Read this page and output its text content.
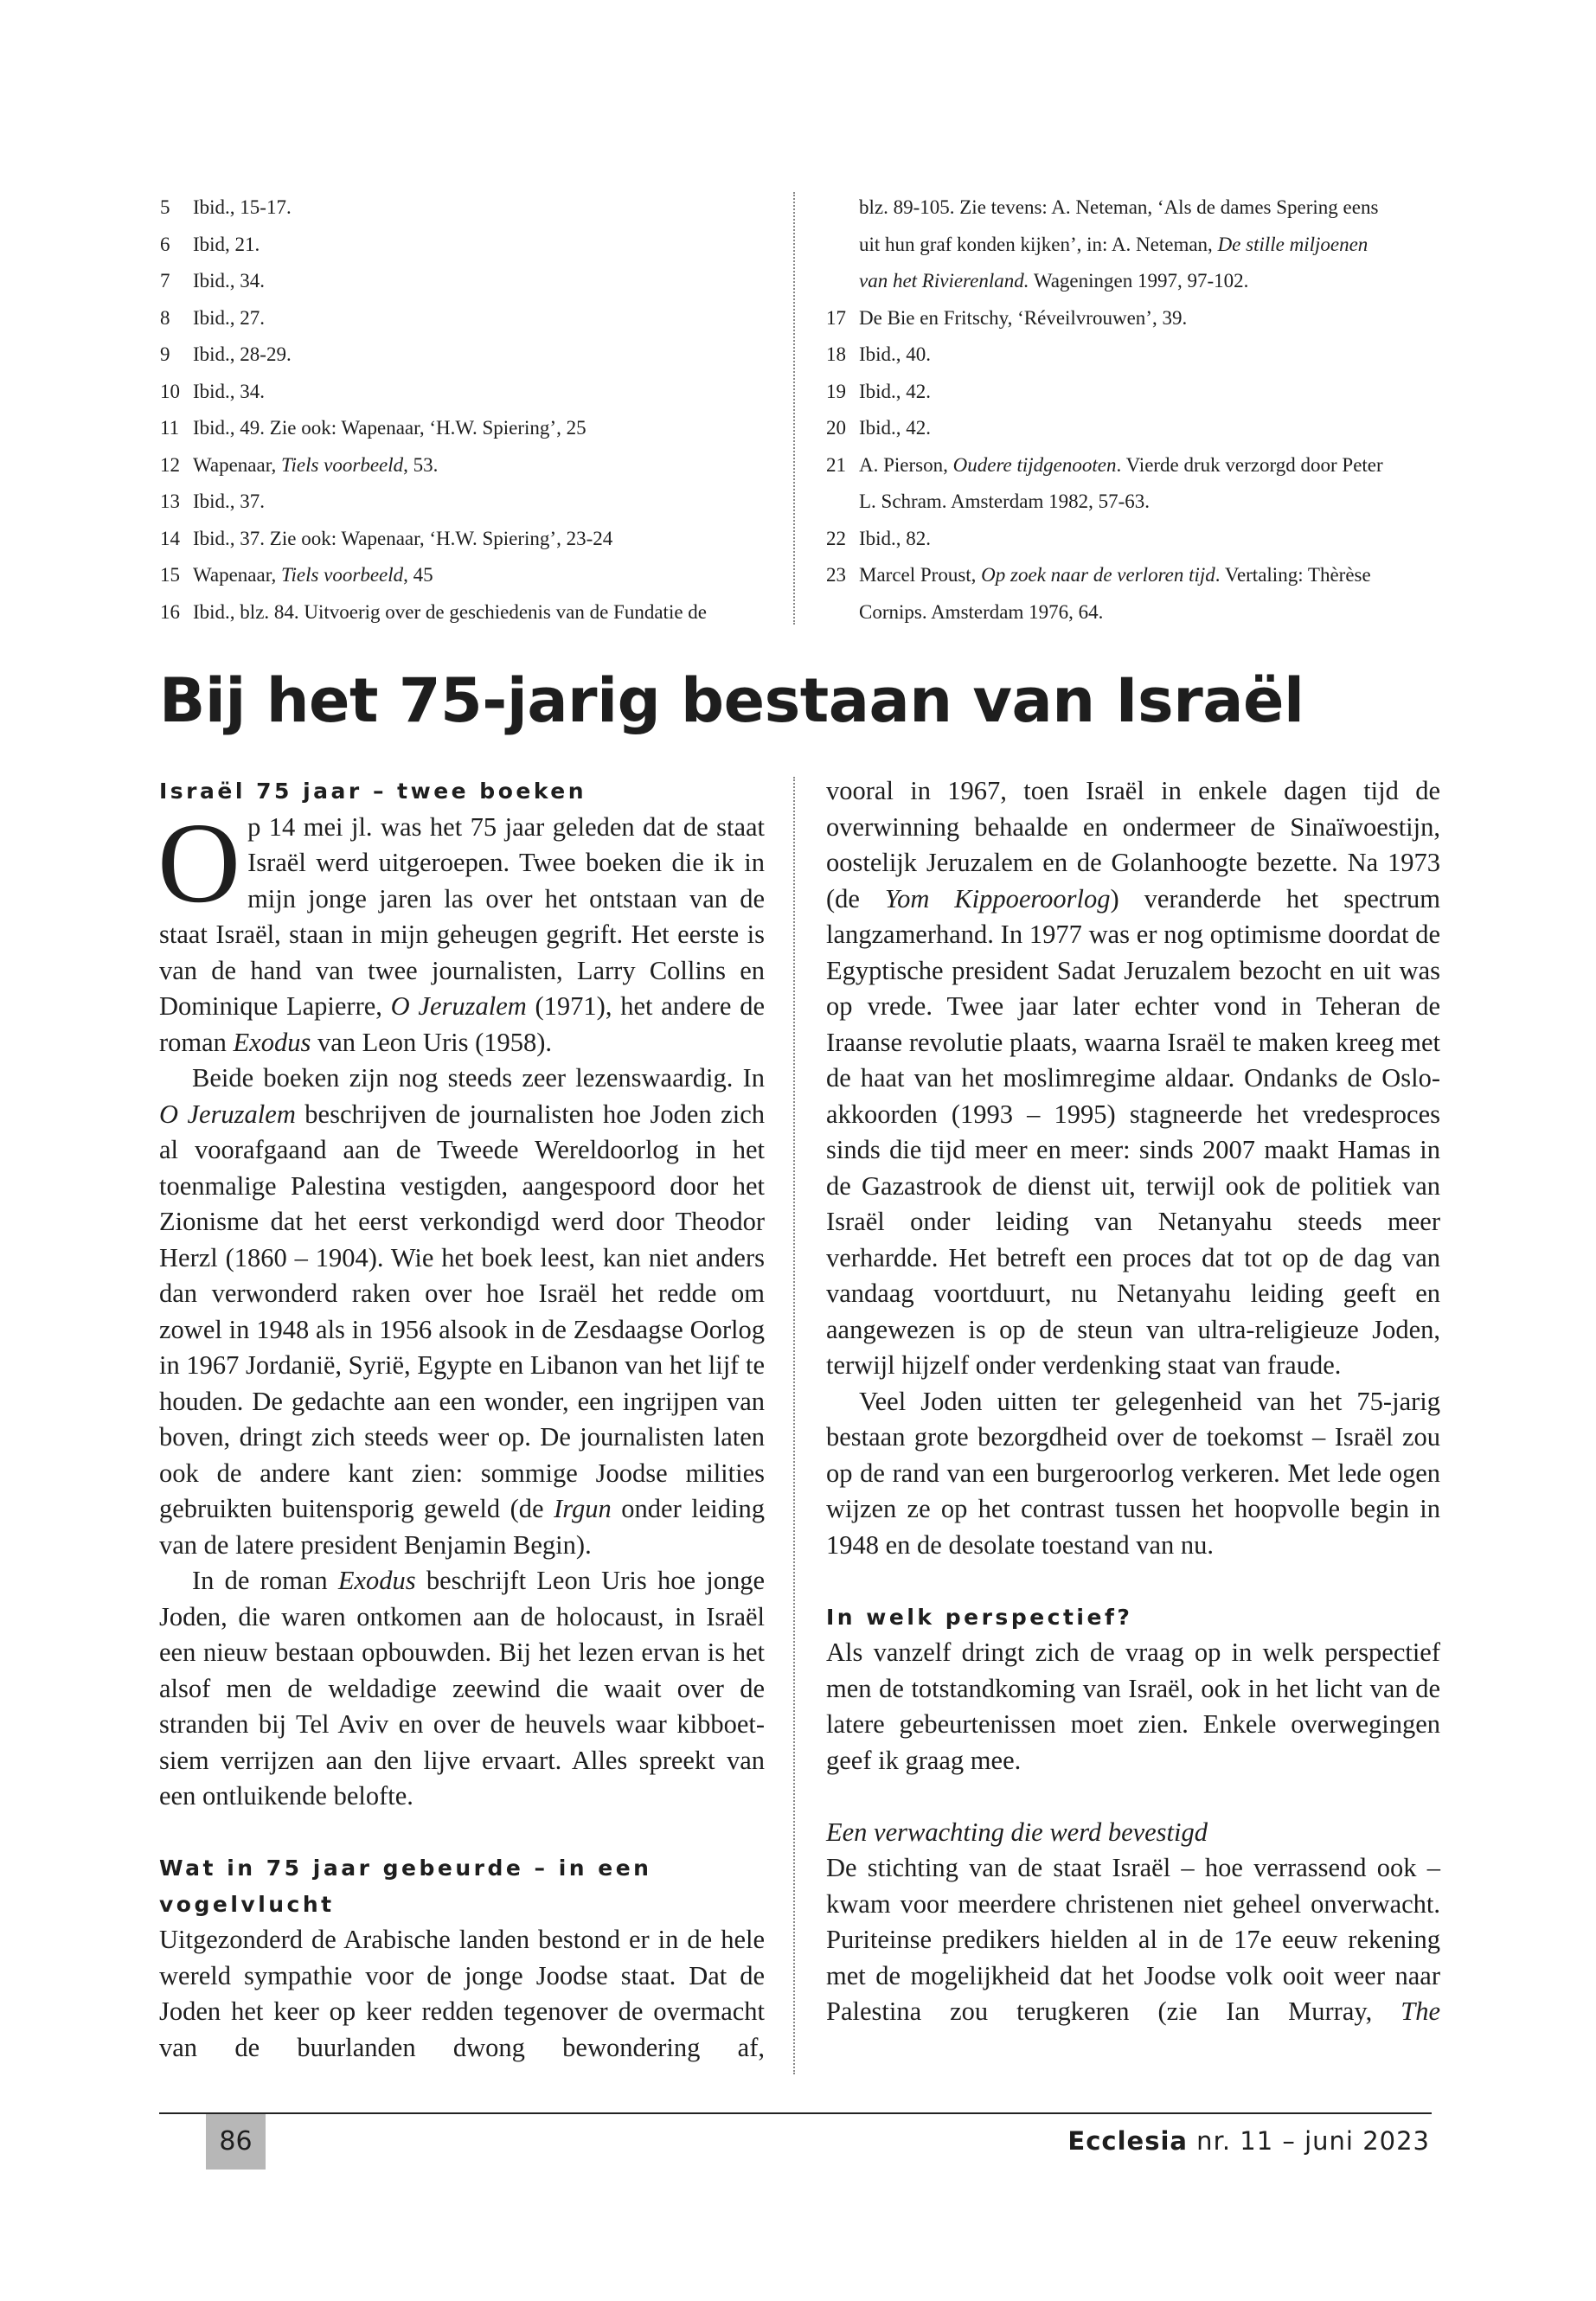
5 Ibid., 15-17.
6 Ibid, 21.
7 Ibid., 34.
8 Ibid., 27.
9 Ibid., 28-29.
10 Ibid., 34.
11 Ibid., 49. Zie ook: Wapenaar, ‘H.W. Spiering’, 25
12 Wapenaar, Tiels voorbeeld, 53.
13 Ibid., 37.
14 Ibid., 37. Zie ook: Wapenaar, ‘H.W. Spiering’, 23-24
15 Wapenaar, Tiels voorbeeld, 45
16 Ibid., blz. 84. Uitvoerig over de geschiedenis van de Fundatie de
blz. 89-105. Zie tevens: A. Neteman, ‘Als de dames Spering eens
uit hun graf konden kijken’, in: A. Neteman, De stille miljoenen
van het Rivierenland. Wageningen 1997, 97-102.
17 De Bie en Fritschy, ‘Réveilvrouwen’, 39.
18 Ibid., 40.
19 Ibid., 42.
20 Ibid., 42.
21 A. Pierson, Oudere tijdgenooten. Vierde druk verzorgd door Peter
L. Schram. Amsterdam 1982, 57-63.
22 Ibid., 82.
23 Marcel Proust, Op zoek naar de verloren tijd. Vertaling: Thèrèse
Cornips. Amsterdam 1976, 64.
Bij het 75-jarig bestaan van Israël
Israël 75 jaar – twee boeken

Op 14 mei jl. was het 75 jaar geleden dat de staat Israël werd uitgeroepen. Twee boeken die ik in mijn jonge jaren las over het ontstaan van de staat Israël, staan in mijn geheugen gegrift. Het eerste is van de hand van twee journalisten, Larry Collins en Dominique Lapierre, O Jeruzalem (1971), het andere de roman Exodus van Leon Uris (1958).

Beide boeken zijn nog steeds zeer lezenswaardig. In O Jeruzalem beschrijven de journalisten hoe Joden zich al voorafgaand aan de Tweede Wereldoorlog in het toenmalige Palestina vestigden, aangespoord door het Zionisme dat het eerst verkondigd werd door Theodor Herzl (1860 – 1904). Wie het boek leest, kan niet anders dan verwonderd raken over hoe Israël het redde om zowel in 1948 als in 1956 alsook in de Zesdaagse Oorlog in 1967 Jordanië, Syrië, Egypte en Libanon van het lijf te houden. De gedachte aan een wonder, een ingrijpen van boven, dringt zich steeds weer op. De journalisten laten ook de andere kant zien: sommige Joodse milities gebruikten buitensporig geweld (de Irgun onder leiding van de latere president Benjamin Begin).

In de roman Exodus beschrijft Leon Uris hoe jonge Joden, die waren ontkomen aan de holocaust, in Israël een nieuw bestaan opbouwden. Bij het lezen ervan is het alsof men de weldadige zeewind die waait over de stranden bij Tel Aviv en over de heuvels waar kibboetsiem verrijzen aan den lijve ervaart. Alles spreekt van een ontluikende belofte.

Wat in 75 jaar gebeurde – in een vogelvlucht

Uitgezonderd de Arabische landen bestond er in de hele wereld sympathie voor de jonge Joodse staat. Dat de Joden het keer op keer redden tegenover de overmacht van de buurlanden dwong bewondering af,

vooral in 1967, toen Israël in enkele dagen tijd de overwinning behaalde en ondermeer de Sinaïwoestijn, oostelijk Jeruzalem en de Golanhoogte bezette. Na 1973 (de Yom Kippoeroorlog) veranderde het spectrum langzamerhand. In 1977 was er nog optimisme doordat de Egyptische president Sadat Jeruzalem bezocht en uit was op vrede. Twee jaar later echter vond in Teheran de Iraanse revolutie plaats, waarna Israël te maken kreeg met de haat van het moslimregime aldaar. Ondanks de Oslo-akkoorden (1993 – 1995) stagneerde het vredesproces sinds die tijd meer en meer: sinds 2007 maakt Hamas in de Gazastrook de dienst uit, terwijl ook de politiek van Israël onder leiding van Netanyahu steeds meer verhardde. Het betreft een proces dat tot op de dag van vandaag voortduurt, nu Netanyahu leiding geeft en aangewezen is op de steun van ultra-religieuze Joden, terwijl hijzelf onder verdenking staat van fraude.

Veel Joden uitten ter gelegenheid van het 75-jarig bestaan grote bezorgdheid over de toekomst – Israël zou op de rand van een burgeroorlog verkeren. Met lede ogen wijzen ze op het contrast tussen het hoopvolle begin in 1948 en de desolate toestand van nu.

In welk perspectief?

Als vanzelf dringt zich de vraag op in welk perspectief men de totstandkoming van Israël, ook in het licht van de latere gebeurtenissen moet zien. Enkele overwegingen geef ik graag mee.

Een verwachting die werd bevestigd

De stichting van de staat Israël – hoe verrassend ook – kwam voor meerdere christenen niet geheel onverwacht. Puriteinse predikers hielden al in de 17e eeuw rekening met de mogelijkheid dat het Joodse volk ooit weer naar Palestina zou terugkeren (zie Ian Murray, The

86	Ecclesia nr. 11 – juni 2023
